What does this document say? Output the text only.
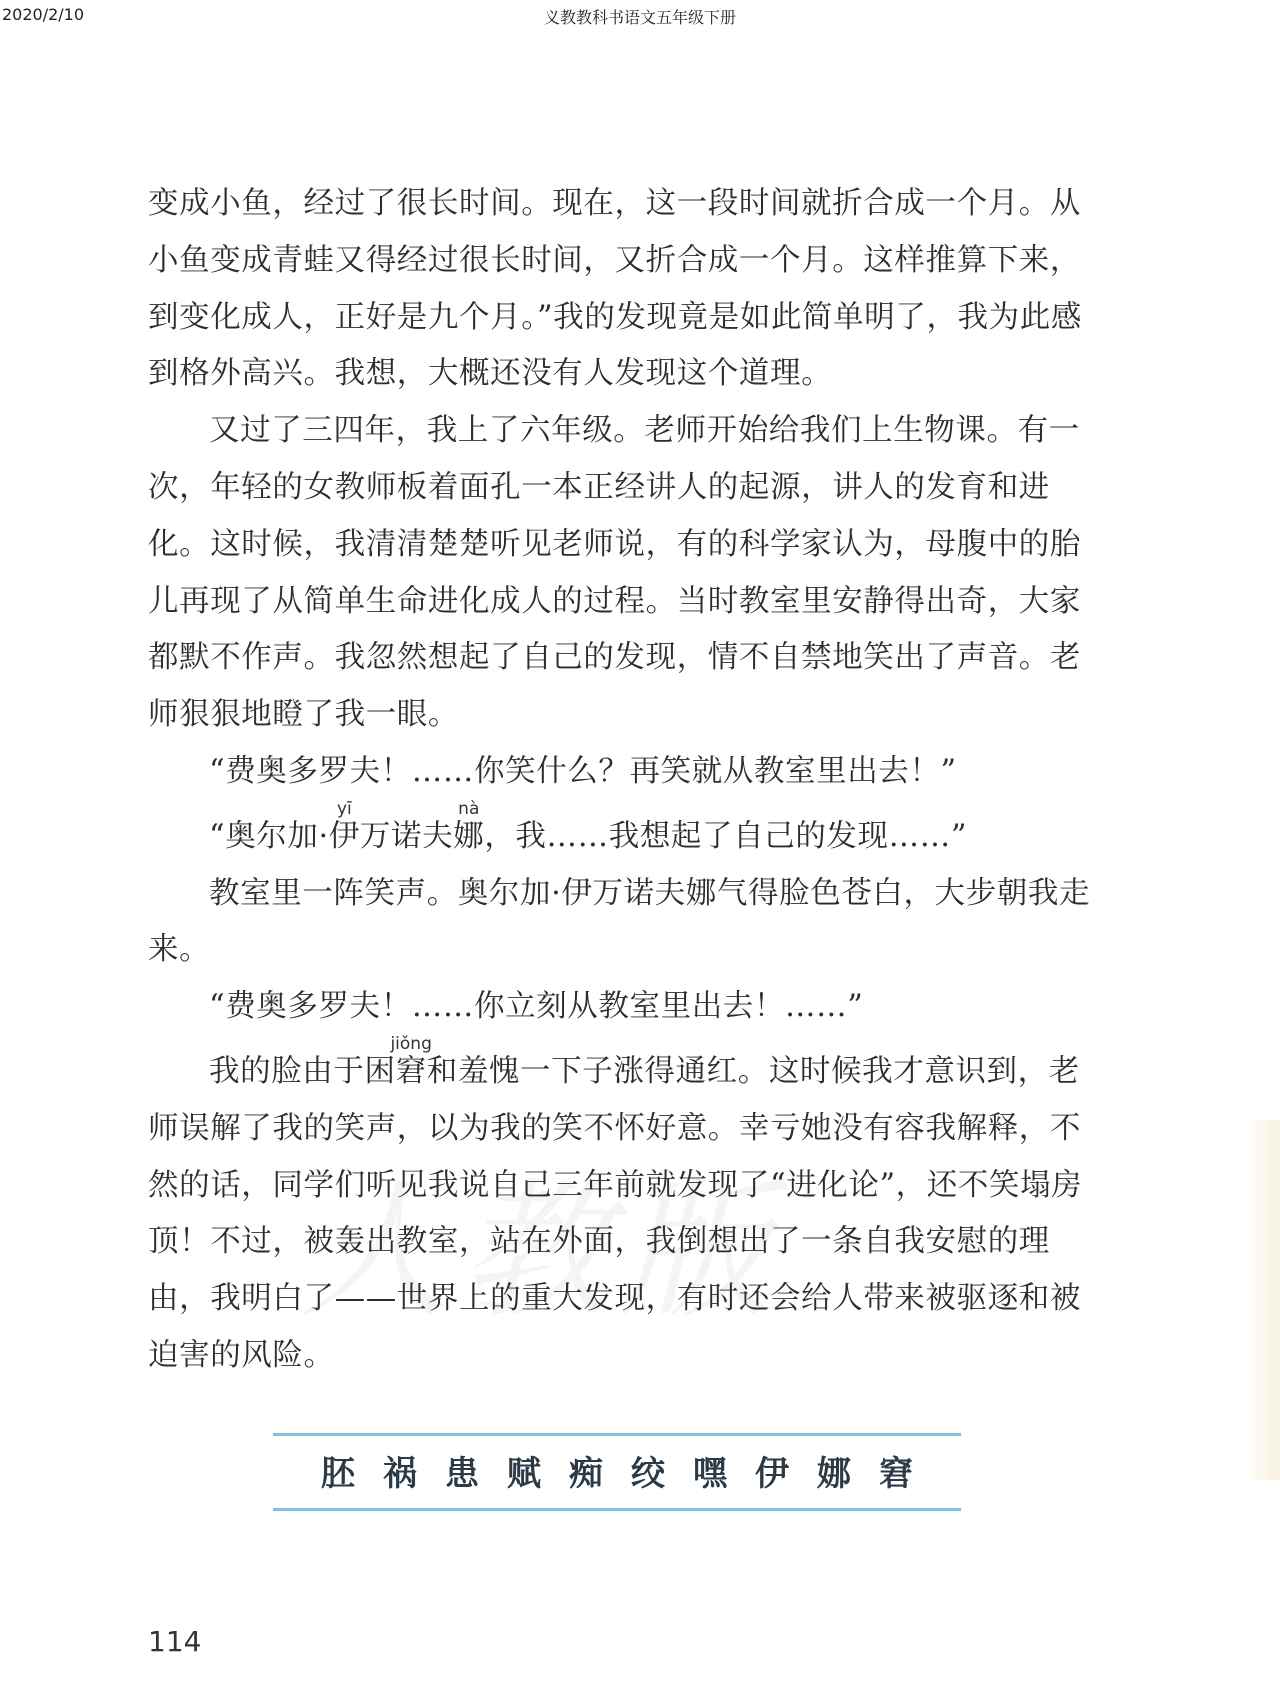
2020/2/10	义教教科书语文五年级下册

变成小鱼，经过了很长时间。现在，这一段时间就折合成一个月。从小鱼变成青蛙又得经过很长时间，又折合成一个月。这样推算下来，到变化成人，正好是九个月。”我的发现竟是如此简单明了，我为此感到格外高兴。我想，大概还没有人发现这个道理。

又过了三四年，我上了六年级。老师开始给我们上生物课。有一次，年轻的女教师板着面孔一本正经讲人的起源，讲人的发育和进化。这时候，我清清楚楚听见老师说，有的科学家认为，母腹中的胎儿再现了从简单生命进化成人的过程。当时教室里安静得出奇，大家都默不作声。我忽然想起了自己的发现，情不自禁地笑出了声音。老师狠狠地瞪了我一眼。

“费奥多罗夫！……你笑什么？再笑就从教室里出去！”

“奥尔加·伊yī万诺夫娜nà，我……我想起了自己的发现……”

教室里一阵笑声。奥尔加·伊万诺夫娜气得脸色苍白，大步朝我走来。

“费奥多罗夫！……你立刻从教室里出去！……”

我的脸由于困窘jiǒng和羞愧一下子涨得通红。这时候我才意识到，老师误解了我的笑声，以为我的笑不怀好意。幸亏她没有容我解释，不然的话，同学们听见我说自己三年前就发现了“进化论”，还不笑塌房顶！不过，被轰出教室，站在外面，我倒想出了一条自我安慰的理由，我明白了——世界上的重大发现，有时还会给人带来被驱逐和被迫害的风险。

胚 祸 患 赋 痴 绞 嘿 伊 娜 窘
114
